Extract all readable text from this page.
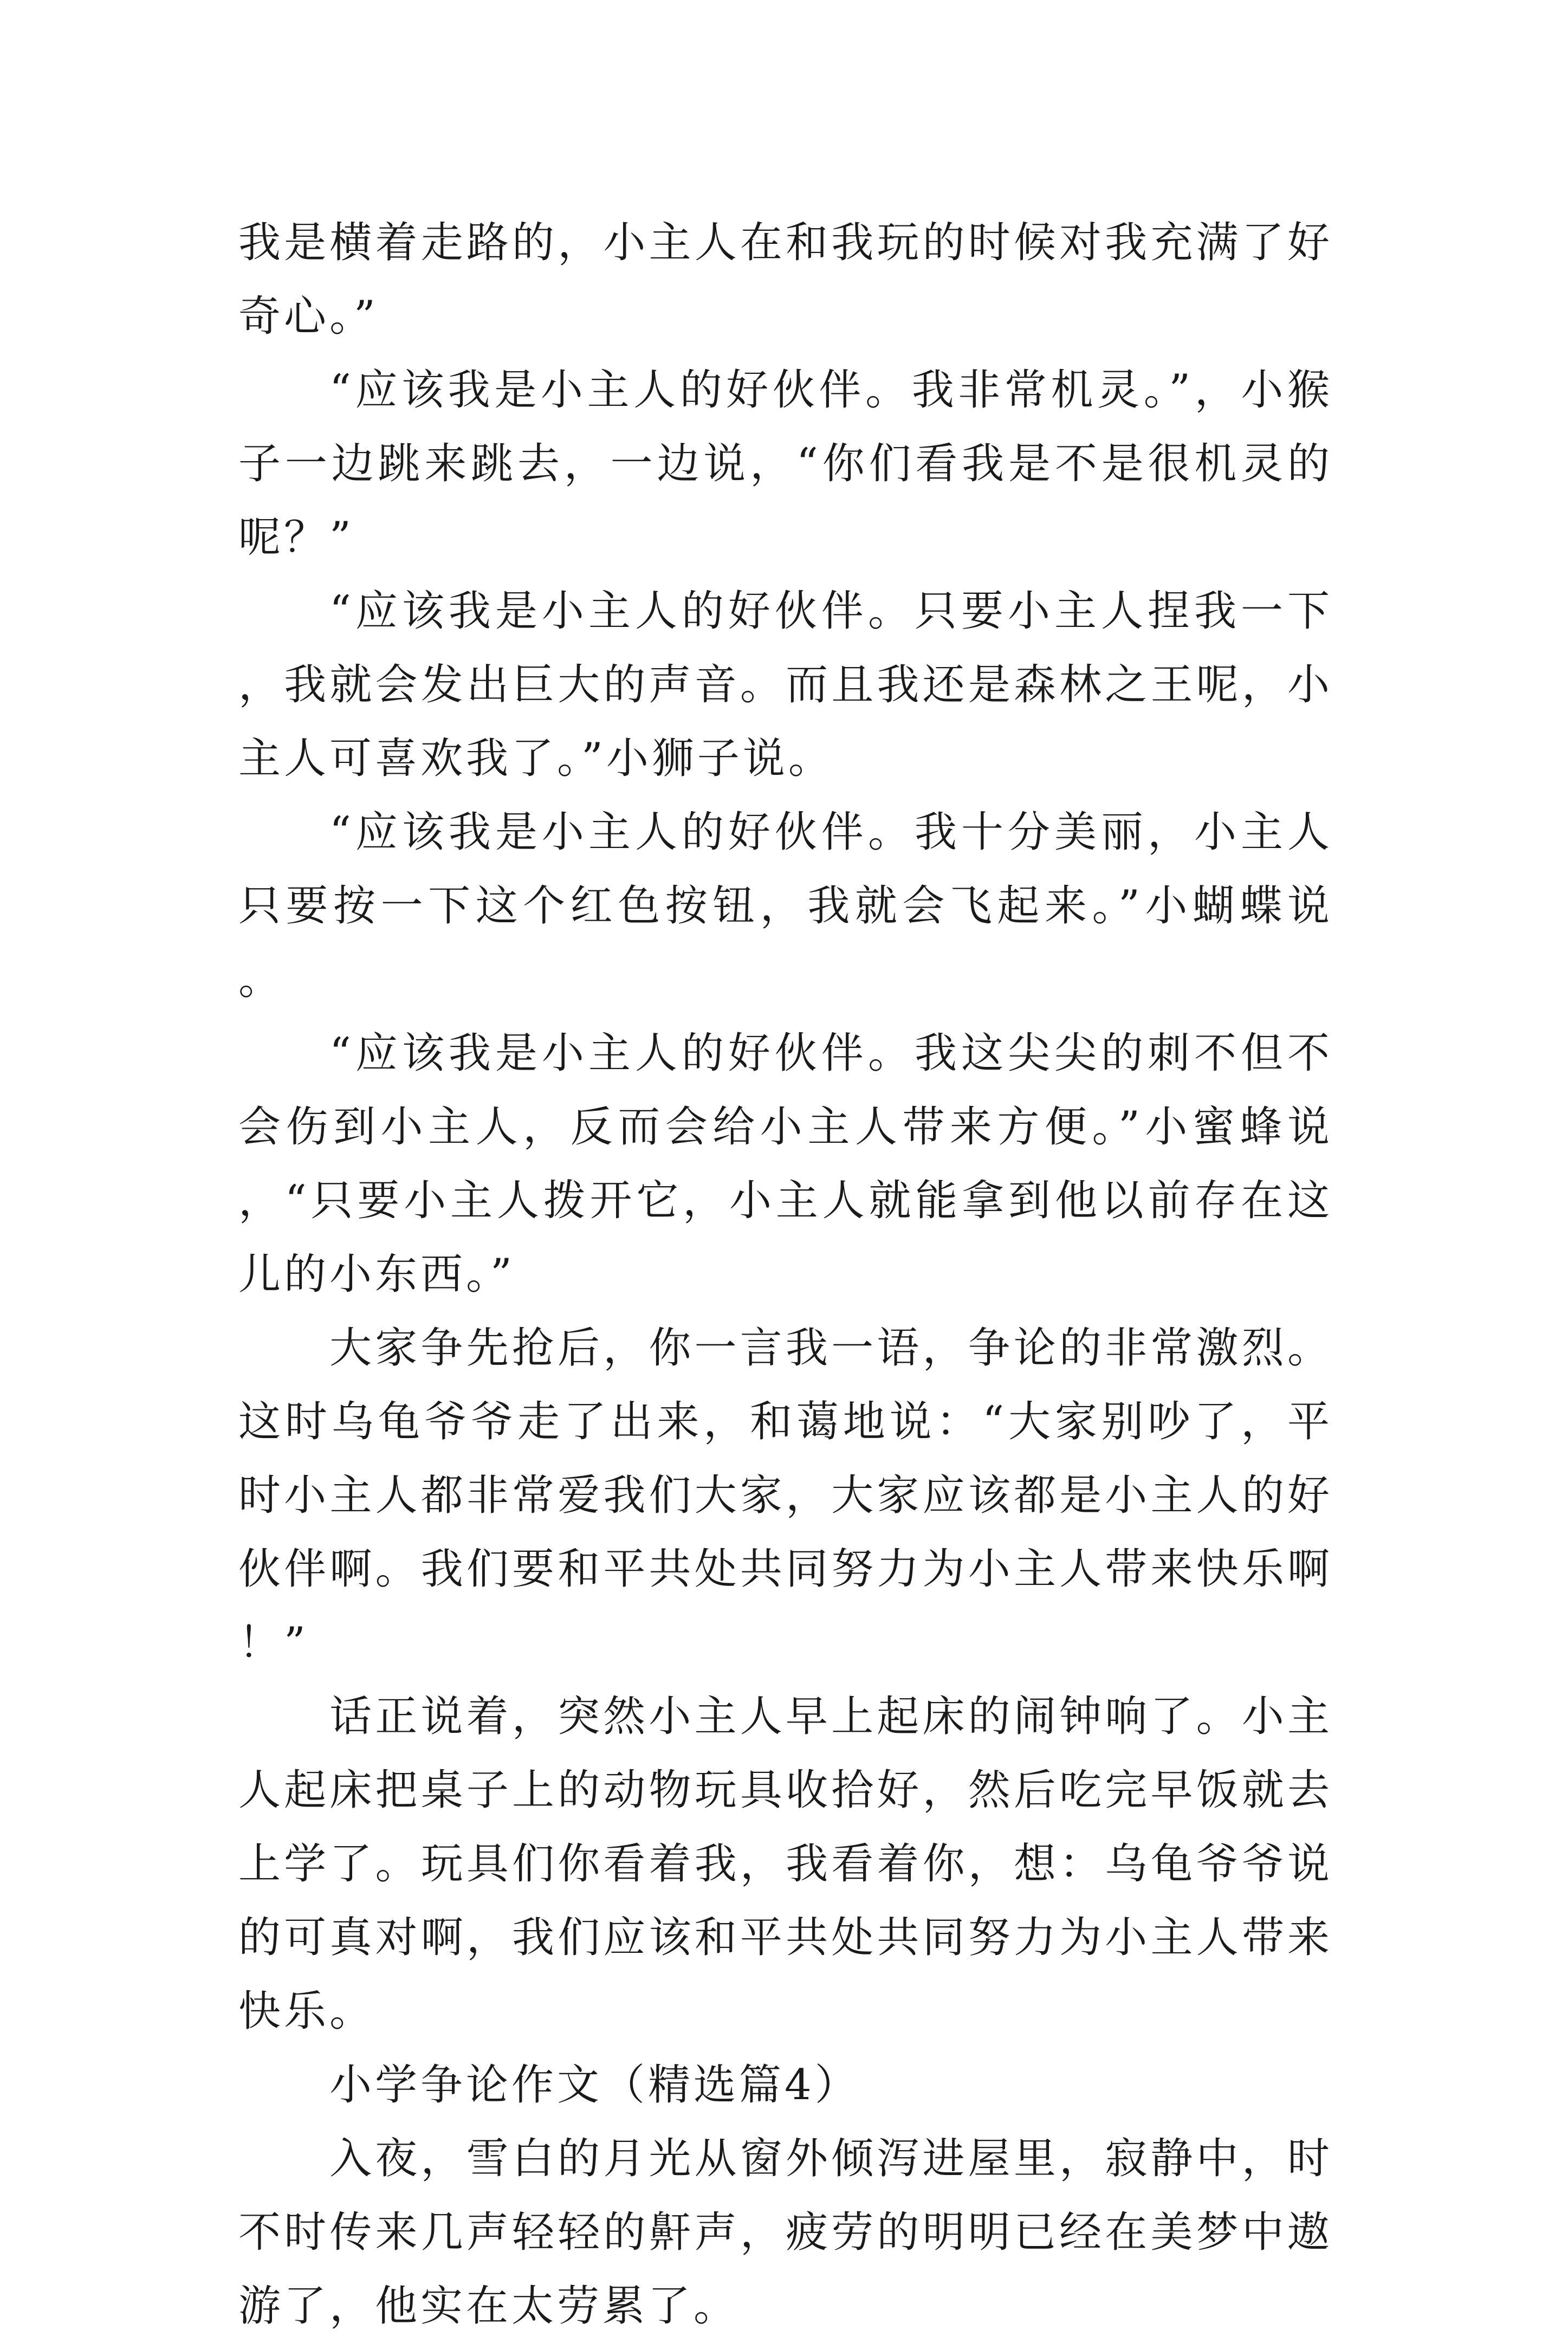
我是横着走路的，小主人在和我玩的时候对我充满了好奇心。”

“应该我是小主人的好伙伴。我非常机灵。”，小猴子一边跳来跳去，一边说，“你们看我是不是很机灵的呢？”

“应该我是小主人的好伙伴。只要小主人捏我一下，我就会发出巨大的声音。而且我还是森林之王呢，小主人可喜欢我了。”小狮子说。

“应该我是小主人的好伙伴。我十分美丽，小主人只要按一下这个红色按钮，我就会飞起来。”小蝴蝶说。

“应该我是小主人的好伙伴。我这尖尖的刺不但不会伤到小主人，反而会给小主人带来方便。”小蜜蜂说，“只要小主人拨开它，小主人就能拿到他以前存在这儿的小东西。”

大家争先抢后，你一言我一语，争论的非常激烈。这时乌龟爷爷走了出来，和蔼地说：“大家别吵了，平时小主人都非常爱我们大家，大家应该都是小主人的好伙伴啊。我们要和平共处共同努力为小主人带来快乐啊！”

话正说着，突然小主人早上起床的闹钟响了。小主人起床把桌子上的动物玩具收拾好，然后吃完早饭就去上学了。玩具们你看着我，我看着你，想：乌龟爷爷说的可真对啊，我们应该和平共处共同努力为小主人带来快乐。

小学争论作文（精选篇4）

入夜，雪白的月光从窗外倾泻进屋里，寂静中，时不时传来几声轻轻的鼾声，疲劳的明明已经在美梦中遨游了，他实在太劳累了。
